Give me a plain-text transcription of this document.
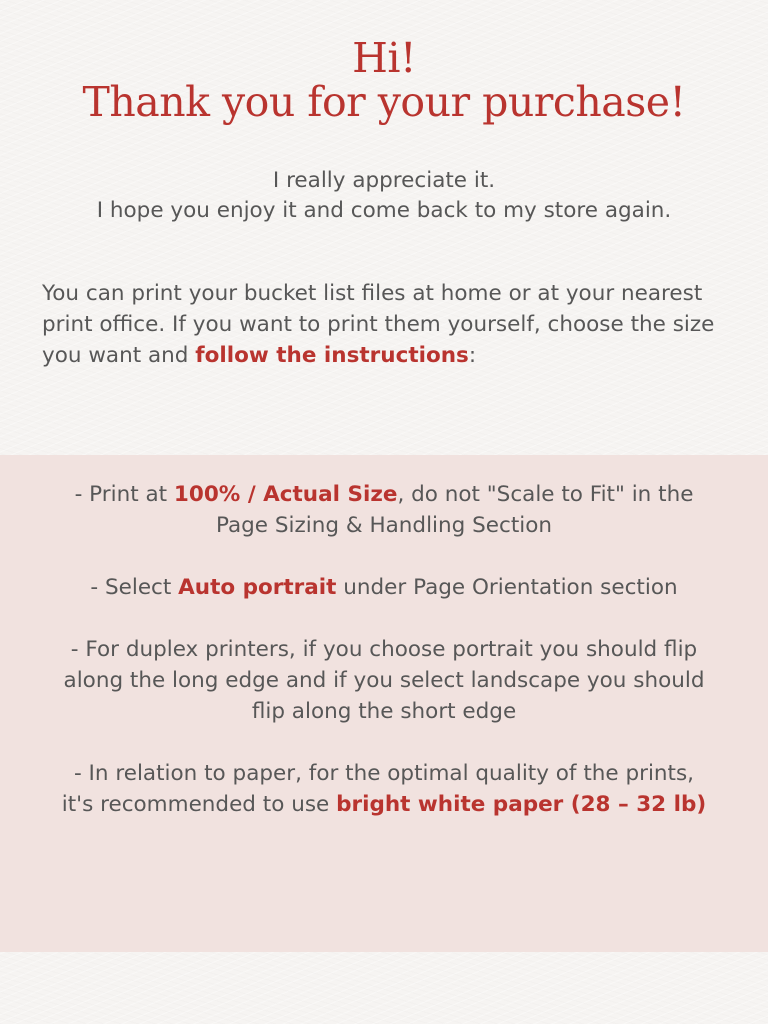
Hi!
Thank you for your purchase!
I really appreciate it.
I hope you enjoy it and come back to my store again.
You can print your bucket list files at home or at your nearest print office. If you want to print them yourself, choose the size you want and follow the instructions:
- Print at 100% / Actual Size, do not "Scale to Fit" in the Page Sizing & Handling Section
- Select Auto portrait under Page Orientation section
- For duplex printers, if you choose portrait you should flip along the long edge and if you select landscape you should flip along the short edge
- In relation to paper, for the optimal quality of the prints, it's recommended to use bright white paper (28 – 32 lb)
